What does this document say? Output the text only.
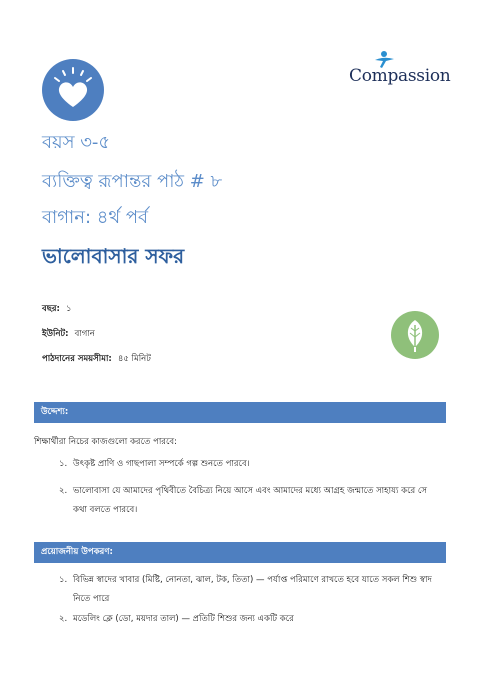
Compassion
বয়স ৩-৫
ব্যক্তিত্ব রূপান্তর পাঠ # ৮
বাগান: ৪র্থ পর্ব
ভালোবাসার সফর
বছর: ১
ইউনিট: বাগান
পাঠদানের সময়সীমা: ৪৫ মিনিট
উদ্দেশ্য:
শিক্ষার্থীরা নিচের কাজগুলো করতে পারবে:
১. উৎকৃষ্ট প্রাণি ও গাছপালা সম্পর্কে গল্প শুনতে পারবে।
২. ভালোবাসা যে আমাদের পৃথিবীতে বৈচিত্র্য নিয়ে আসে এবং আমাদের মধ্যে আগ্রহ জন্মাতে সাহায্য করে সে কথা বলতে পারবে।
প্রয়োজনীয় উপকরণ:
১. বিভিন্ন স্বাদের খাবার (মিষ্টি, নোনতা, ঝাল, টক, তিতা) — পর্যাপ্ত পরিমাণে রাখতে হবে যাতে সকল শিশু স্বাদ নিতে পারে
২. মডেলিং ক্লে (ডো, ময়দার তাল) — প্রতিটি শিশুর জন্য একটি করে
